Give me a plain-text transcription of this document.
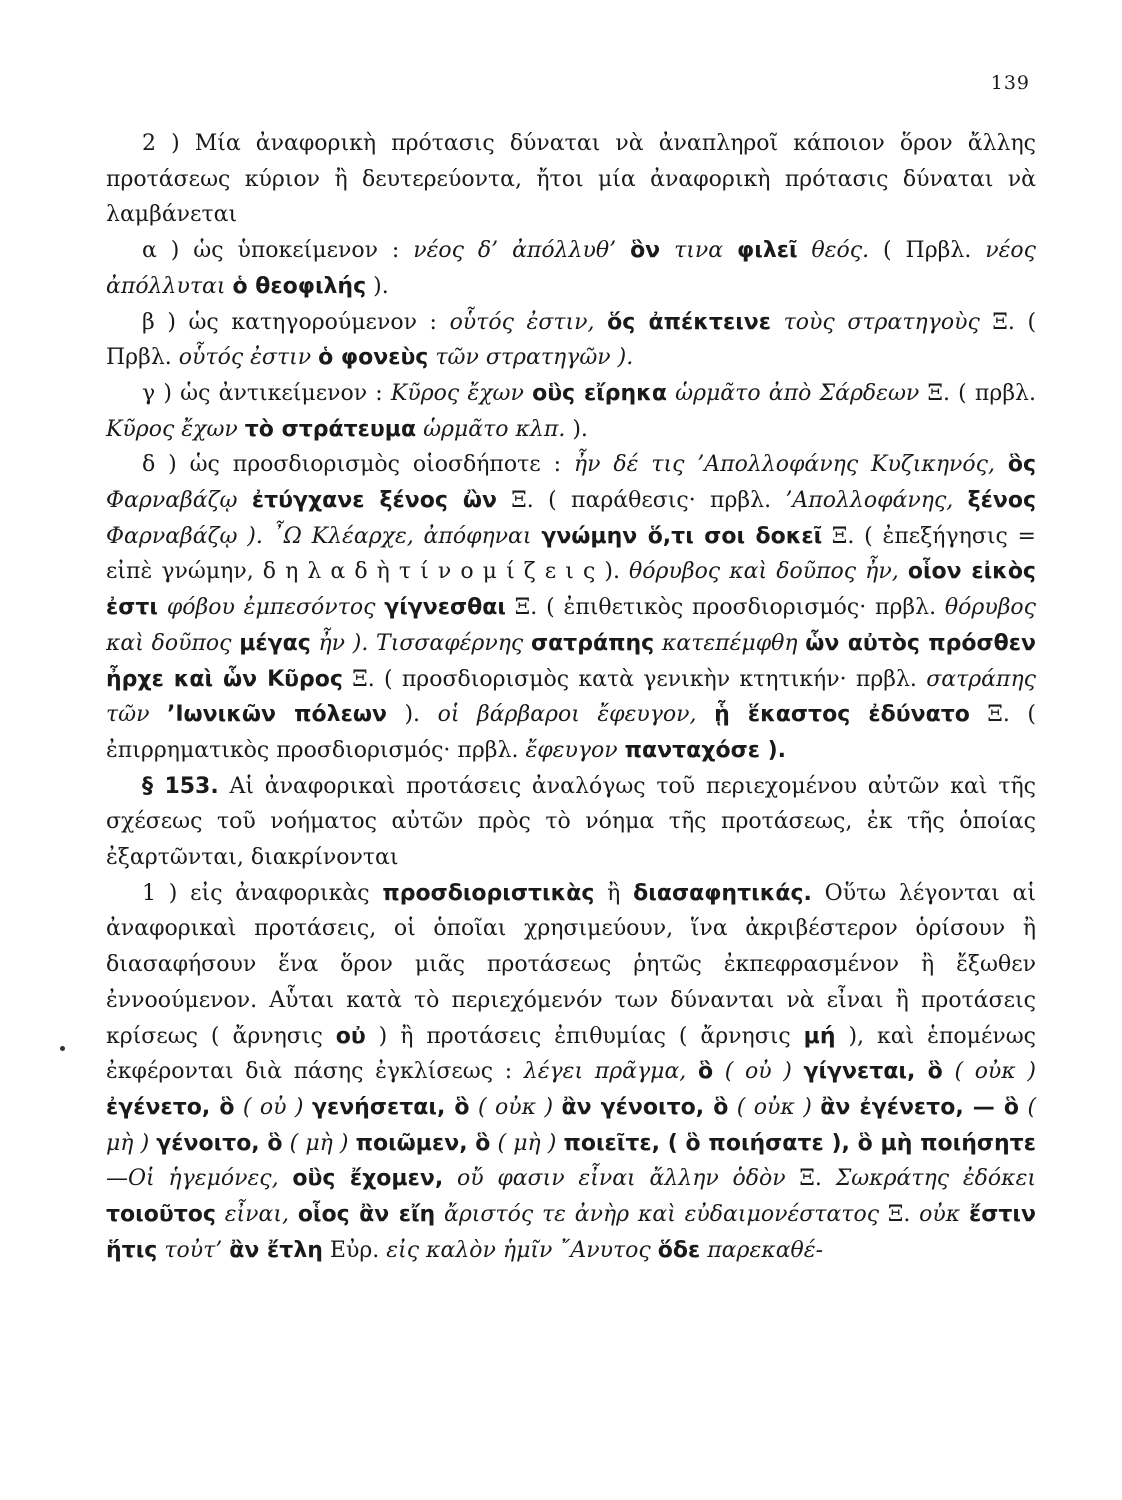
139

2 ) Μία ἀναφορικὴ πρότασις δύναται νὰ ἀναπληροῖ κάποιον ὅρον ἄλλης προτάσεως κύριον ἢ δευτερεύοντα, ἤτοι μία ἀναφορικὴ πρότασις δύναται νὰ λαμβάνεται

α ) ὡς ὑποκείμενον : νέος δ’ ἀπόλλυθ’ ὃν τινα φιλεῖ θεός. ( Πρβλ. νέος ἀπόλλυται ὁ θεοφιλής ).

β ) ὡς κατηγορούμενον : οὗτός ἐστιν, ὅς ἀπέκτεινε τοὺς στρατηγοὺς Ξ. ( Πρβλ. οὗτός ἐστιν ὁ φονεὺς τῶν στρατηγῶν ).

γ ) ὡς ἀντικείμενον : Κῦρος ἔχων οὓς εἴρηκα ὡρμᾶτο ἀπὸ Σάρδεων Ξ. ( πρβλ. Κῦρος ἔχων τὸ στράτευμα ὡρμᾶτο κλπ. ).

δ ) ὡς προσδιορισμὸς οἱοσδήποτε : ἦν δέ τις ’Απολλοφάνης Κυζικηνός, ὃς Φαρναβάζῳ ἐτύγχανε ξένος ὢν Ξ. ( παράθεσις· πρβλ. ’Απολλοφάνης, ξένος Φαρναβάζῳ ). ῏Ω Κλέαρχε, ἀπόφηναι γνώμην ὅ,τι σοι δοκεῖ Ξ. ( ἐπεξήγησις = εἰπὲ γνώμην, δ η λ α δ ὴ τ ί ν ο μ ί ζ ε ι ς ). θόρυβος καὶ δοῦπος ἦν, οἷον εἰκὸς ἐστι φόβου ἐμπεσόντος γίγνεσθαι Ξ. ( ἐπιθετικὸς προσδιορισμός· πρβλ. θόρυβος καὶ δοῦπος μέγας ἦν ). Τισσαφέρνης σατράπης κατεπέμφθη ὧν αὐτὸς πρόσθεν ἦρχε καὶ ὧν Κῦρος Ξ. ( προσδιορισμὸς κατὰ γενικὴν κτητικήν· πρβλ. σατράπης τῶν ’Ιωνικῶν πόλεων ). οἱ βάρβαροι ἔφευγον, ᾗ ἕκαστος ἐδύνατο Ξ. ( ἐπιρρηματικὸς προσδιορισμός· πρβλ. ἔφευγον πανταχόσε ).

§ 153. Αἱ ἀναφορικαὶ προτάσεις ἀναλόγως τοῦ περιεχομένου αὐτῶν καὶ τῆς σχέσεως τοῦ νοήματος αὐτῶν πρὸς τὸ νόημα τῆς προτάσεως, ἐκ τῆς ὁποίας ἐξαρτῶνται, διακρίνονται

1 ) εἰς ἀναφορικὰς προσδιοριστικὰς ἢ διασαφητικάς. Οὕτω λέγονται αἱ ἀναφορικαὶ προτάσεις, οἱ ὁποῖαι χρησιμεύουν, ἵνα ἀκριβέστερον ὁρίσουν ἢ διασαφήσουν ἕνα ὅρον μιᾶς προτάσεως ῥητῶς ἐκπεφρασμένον ἢ ἔξωθεν ἐννοούμενον. Αὗται κατὰ τὸ περιεχόμενόν των δύνανται νὰ εἶναι ἢ προτάσεις κρίσεως ( ἄρνησις οὐ ) ἢ προτάσεις ἐπιθυμίας ( ἄρνησις μή ), καὶ ἑπομένως ἐκφέρονται διὰ πάσης ἐγκλίσεως : λέγει πρᾶγμα, ὃ ( οὐ ) γίγνεται, ὃ ( οὐκ ) ἐγένετο, ὃ ( οὐ ) γενήσεται, ὃ ( οὐκ ) ἂν γένοιτο, ὃ ( οὐκ ) ἂν ἐγένετο, — ὃ ( μὴ ) γένοιτο, ὃ ( μὴ ) ποιῶμεν, ὃ ( μὴ ) ποιεῖτε, ( ὃ ποιήσατε ), ὃ μὴ ποιήσητε—Οἱ ἡγεμόνες, οὓς ἔχομεν, οὔ φασιν εἶναι ἄλλην ὁδὸν Ξ. Σωκράτης ἐδόκει τοιοῦτος εἶναι, οἷος ἂν εἴη ἄριστός τε ἀνὴρ καὶ εὐδαιμονέστατος Ξ. οὐκ ἔστιν ἥτις τοὐτ’ ἂν ἔτλη Εὐρ. εἰς καλὸν ἡμῖν ῎Ανυτος ὅδε παρεκαθέ-
